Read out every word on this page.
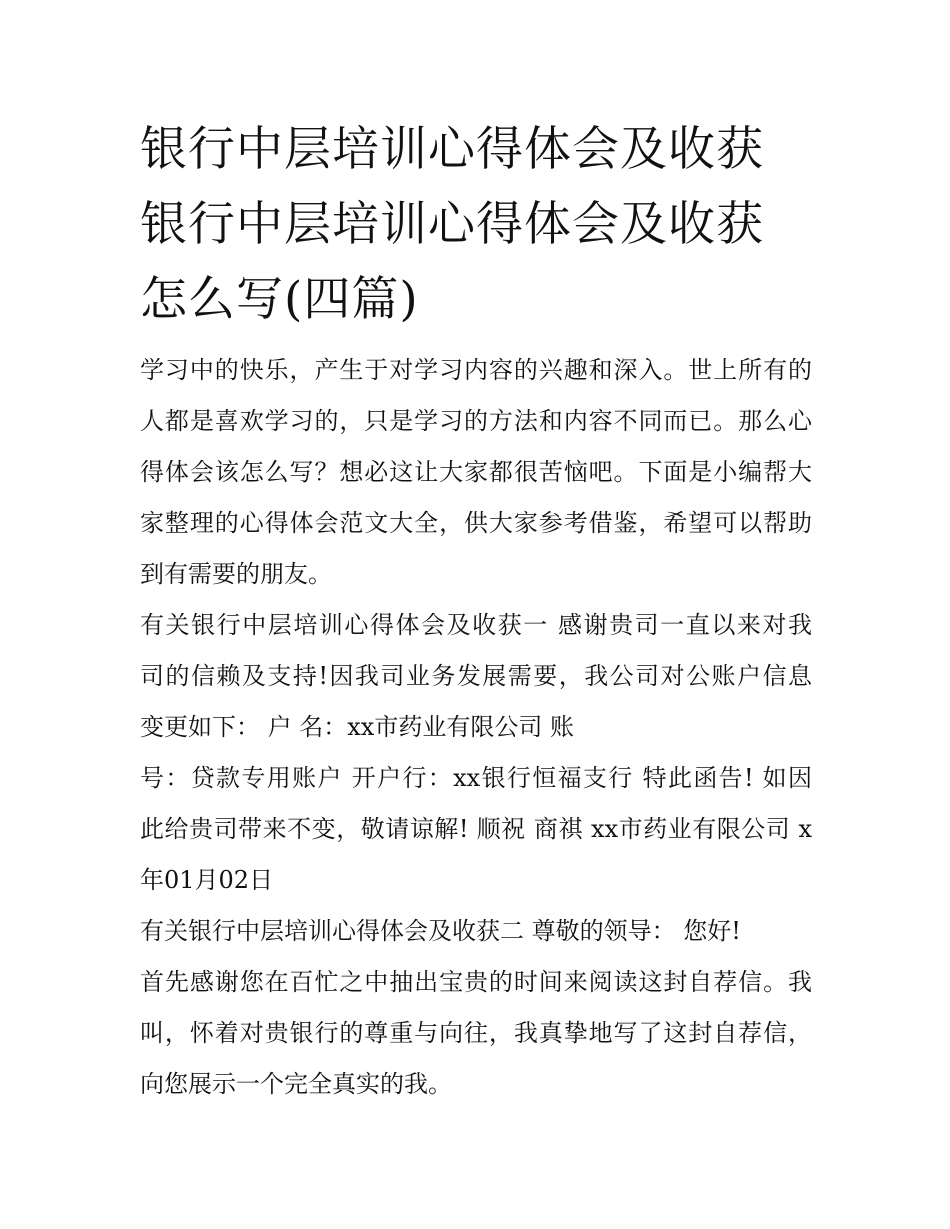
银行中层培训心得体会及收获
银行中层培训心得体会及收获
怎么写(四篇)

学习中的快乐，产生于对学习内容的兴趣和深入。世上所有的
人都是喜欢学习的，只是学习的方法和内容不同而已。那么心
得体会该怎么写？想必这让大家都很苦恼吧。下面是小编帮大
家整理的心得体会范文大全，供大家参考借鉴，希望可以帮助
到有需要的朋友。

有关银行中层培训心得体会及收获一 感谢贵司一直以来对我
司的信赖及支持!因我司业务发展需要，我公司对公账户信息
变更如下： 户 名：xx市药业有限公司 账
号：贷款专用账户 开户行：xx银行恒福支行 特此函告! 如因
此给贵司带来不变，敬请谅解! 顺祝 商祺 xx市药业有限公司 x
年01月02日

有关银行中层培训心得体会及收获二 尊敬的领导： 您好!

首先感谢您在百忙之中抽出宝贵的时间来阅读这封自荐信。我
叫，怀着对贵银行的尊重与向往，我真挚地写了这封自荐信，
向您展示一个完全真实的我。
